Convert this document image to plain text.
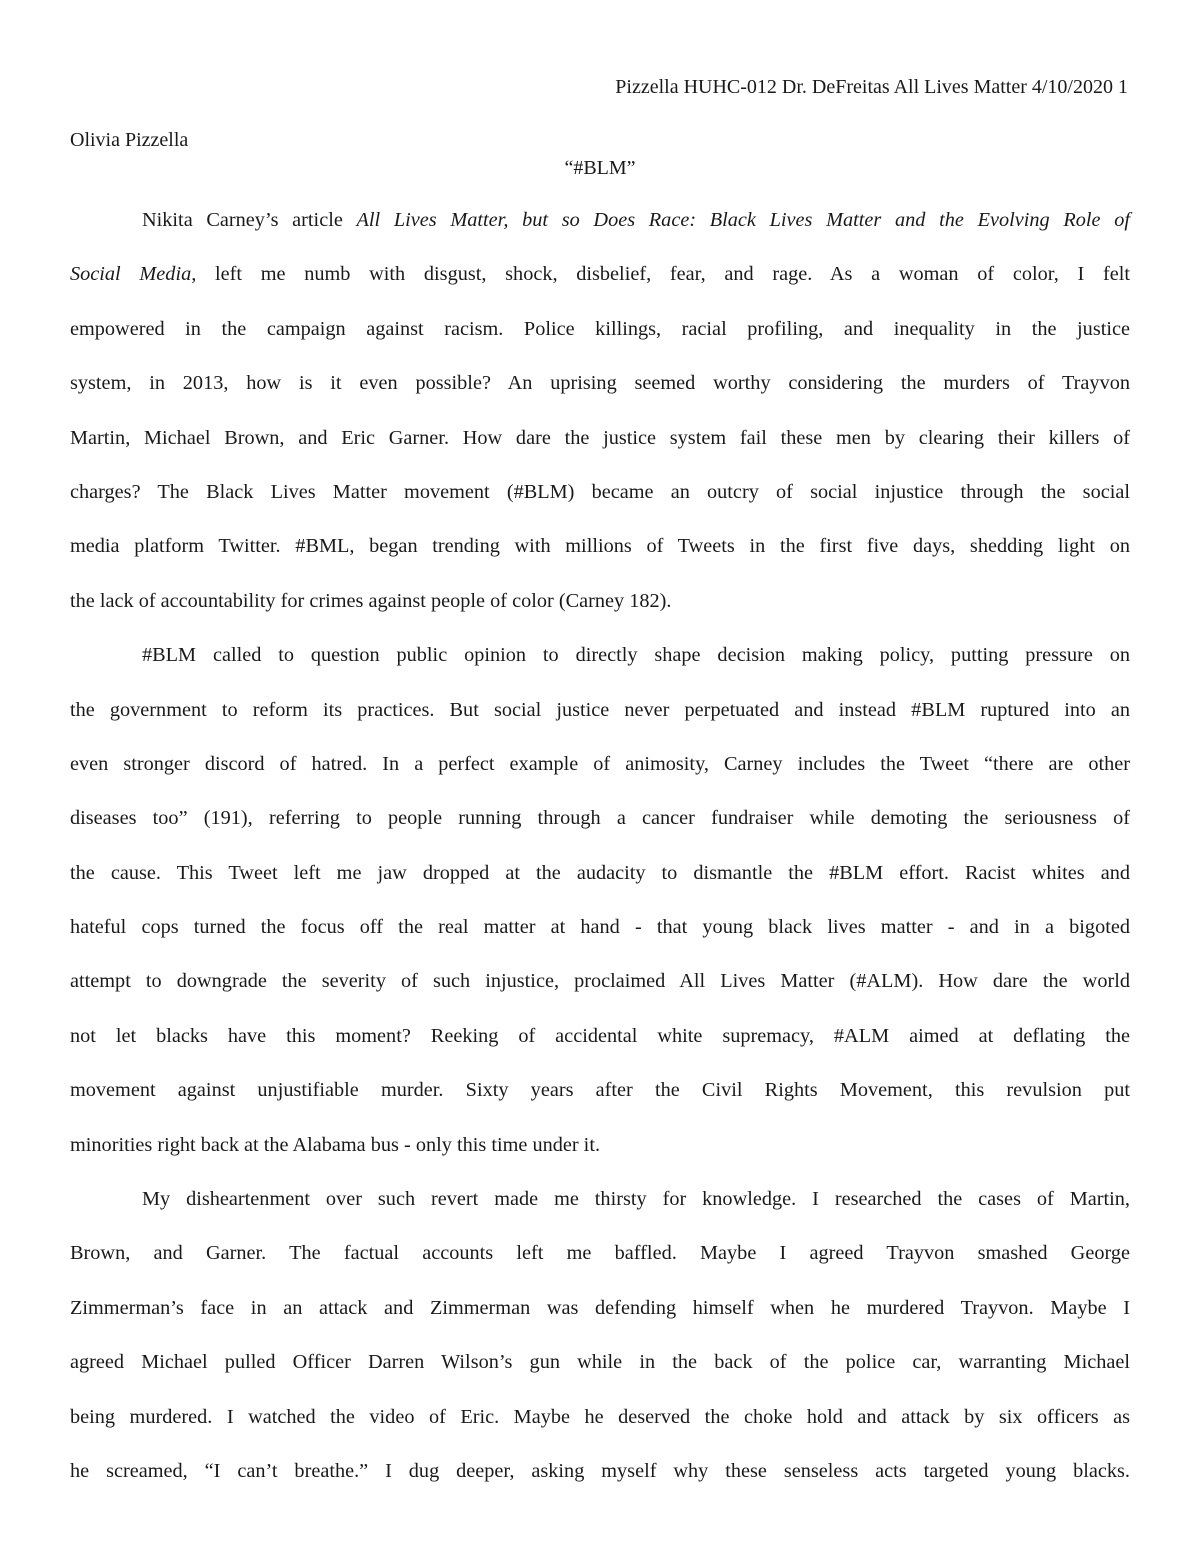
Pizzella HUHC-012 Dr. DeFreitas All Lives Matter 4/10/2020 1
Olivia Pizzella
“#BLM”
Nikita Carney’s article All Lives Matter, but so Does Race: Black Lives Matter and the Evolving Role of
Social Media, left me numb with disgust, shock, disbelief, fear, and rage. As a woman of color, I felt
empowered in the campaign against racism. Police killings, racial profiling, and inequality in the justice
system, in 2013, how is it even possible? An uprising seemed worthy considering the murders of Trayvon
Martin, Michael Brown, and Eric Garner. How dare the justice system fail these men by clearing their killers of
charges? The Black Lives Matter movement (#BLM) became an outcry of social injustice through the social
media platform Twitter. #BML, began trending with millions of Tweets in the first five days, shedding light on
the lack of accountability for crimes against people of color (Carney 182).
#BLM called to question public opinion to directly shape decision making policy, putting pressure on
the government to reform its practices. But social justice never perpetuated and instead #BLM ruptured into an
even stronger discord of hatred. In a perfect example of animosity, Carney includes the Tweet “there are other
diseases too” (191), referring to people running through a cancer fundraiser while demoting the seriousness of
the cause. This Tweet left me jaw dropped at the audacity to dismantle the #BLM effort. Racist whites and
hateful cops turned the focus off the real matter at hand - that young black lives matter - and in a bigoted
attempt to downgrade the severity of such injustice, proclaimed All Lives Matter (#ALM). How dare the world
not let blacks have this moment? Reeking of accidental white supremacy, #ALM aimed at deflating the
movement against unjustifiable murder. Sixty years after the Civil Rights Movement, this revulsion put
minorities right back at the Alabama bus - only this time under it.
My disheartenment over such revert made me thirsty for knowledge. I researched the cases of Martin,
Brown, and Garner. The factual accounts left me baffled. Maybe I agreed Trayvon smashed George
Zimmerman’s face in an attack and Zimmerman was defending himself when he murdered Trayvon. Maybe I
agreed Michael pulled Officer Darren Wilson’s gun while in the back of the police car, warranting Michael
being murdered. I watched the video of Eric. Maybe he deserved the choke hold and attack by six officers as
he screamed, “I can’t breathe.” I dug deeper, asking myself why these senseless acts targeted young blacks.
